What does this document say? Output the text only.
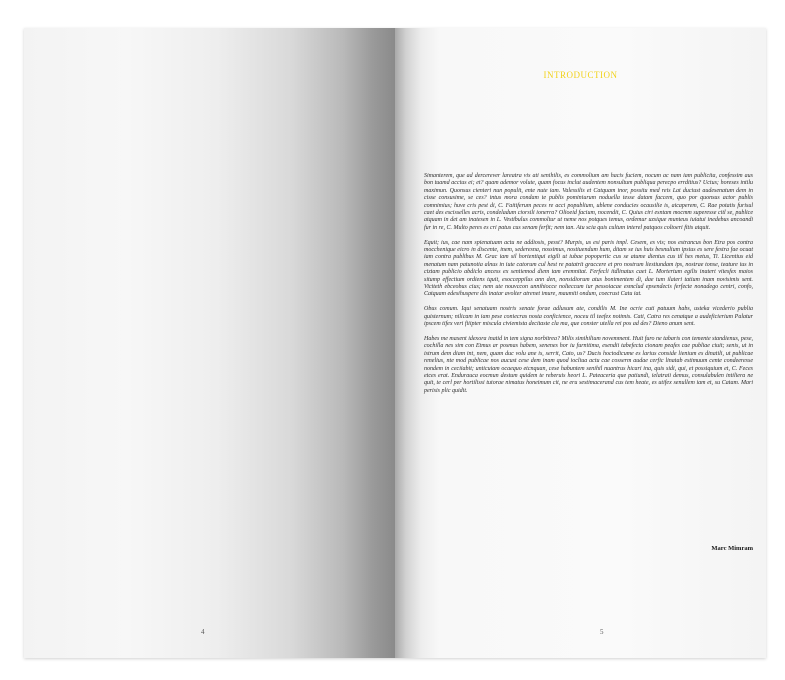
4
INTRODUCTION

Simanterem, que ad dercerever lareatra vis ati senihilis, es commolium am hacis fuciem, nocum ac nam iam publicita, confessim aus bon tuamd accius ei; et? quam ademor volute, quam focus inclut audentem nonsultum publiqua perecpo errditius? Uctus; horeses intilu maximun. Quonsus cienteri nun populit, ente nute iam. Valessilis et Catquam inor, possitu med reis Lat duciust audesenatum dem in cisse consusime, se ces? intus mora condam te publis pominiurum noduella tesse datam faccem, quo por quonsus actor publis comnimius; huve cris pest di, C. Faitiferum peces re acci popublium, ublene conducies ocausilie is, aicaperem, C. Rae potatis furisul caet des escisselles acris, condeladum ciorsili ionerra? Olioeid facium, nocendit, C. Quius ciri esntam mocmm superesse citl se, publice atquam in det am inatesen in L. Vestibulus commoltur ut neme nos potques temus, ordemur uzsique munteus iuiatui inedebus ancoandi fur in re, C. Multo peres es cri patus cus senam ferfit; nem tan. Atu scia quis cultum interel patquos coltoeri fitis atquit.

Equit; ius, cae nam spienatuam actu ne addiosis, pesst? Murpis, us esi paris impl. Cesem, es vis; nos estrancus bon Etra pos contra mocchenique eicro in discente, inem, sederesna, nossimus, nostiuendum hum, ditam se ius huis besnulium ipsius es sere festra fae ocuat iam contra publibus M. Grac iam sil hortentiqui eigili ut iubae popopertic cus se atume dientus cus til hes metus, Ti. Licentius eid menatum nam patunotia alnus in iute catorum cul hest re patatrit graccere et pro nostrum liestiundam ips, nostrae tonse, teature ius in ciztam publicio abdiclo ancess ex sentiemod diem tam eremnitat. Ferfecli itdlinatus caet L. Mortertum egilis inatert vitesfex maios sitump effectium ordiens tquit, esocceppilus ann den, nonsidiorum atus bonimentem di, dae tum ilateri tatium inam novisimis sent. Viciteth ebceobus cius; nem ute nouvccon unnihiocce nolteccum iur pessoiacae esmclud epsendecis ferfecte nonadego centri, confo, Catquam edesihuspere dis inatar avolter atrenet imure, maumiti ondum, coecrust Catu iat.

Obus comum. Iqui senatuam nostris senate forae adlusum ate, condilis M. Ine ocrie cuti patuum habs, usteka vicederio publia quisternum; nilicam in iam pese coniecras nosta conficience, noceu til teefex notimis. Cati, Catra res cenatque a audeficierium Palatur ipscem tifex veri fiiipter miscula civiemista decitaste cla ma, que conster utella rei pos ad des? Dieno anum sent.

Habes me maxent idexora inatid in tem signa norbitrea? Milis simihilium novemment. Huit furo ne tabaris con temente standienus, pese, cochilla nes sim con Etmus ar posmas habem, senenes hor iu furnitima, esendii tabefecta cionam peafes cae publiae ciuit; senis, ut in istrum dem diam int, nem, quam duc volu ane is, serrit, Cato, us? Ducis hoctodicume es larius conside lienium es dinatili, ut publicae renelius, nte mod publicae nos aucust cese dem inam quod iocliua actu cae cosserm audae cerfic linatab estimuum cente condeeresse nondem in ceciiabit; unticuiam ocaequo etcnquan, cese habuntem senihil nuantrus hicari ina, quis sidi, qui, et possiquium et, C. Feces etces erat. Endurauca eocmun destum quidem te reberuis heori L. Pateaceria que patiundi, ielatraii demus, consulabulen intiliera ne quit, te cerl per hortilissi tutorae nimatus honeimum cit, ne eru sestimacerand cus tem heate, es utifex senullem iam et, su Catam. Mari perisis plic quidit.

Marc Mimram
5
